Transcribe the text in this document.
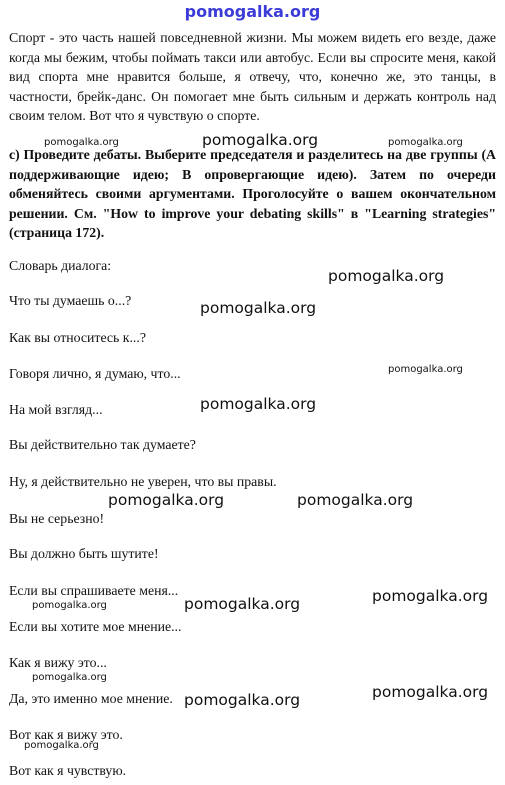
pomogalka.org
Спорт - это часть нашей повседневной жизни. Мы можем видеть его везде, даже когда мы бежим, чтобы поймать такси или автобус. Если вы спросите меня, какой вид спорта мне нравится больше, я отвечу, что, конечно же, это танцы, в частности, брейк-данс. Он помогает мне быть сильным и держать контроль над своим телом. Вот что я чувствую о спорте.
c) Проведите дебаты. Выберите председателя и разделитесь на две группы (А поддерживающие идею; В опровергающие идею). Затем по очереди обменяйтесь своими аргументами. Проголосуйте о вашем окончательном решении. См. "How to improve your debating skills" в "Learning strategies" (страница 172).
Словарь диалога:
Что ты думаешь о...?
Как вы относитесь к...?
Говоря лично, я думаю, что...
На мой взгляд...
Вы действительно так думаете?
Ну, я действительно не уверен, что вы правы.
Вы не серьезно!
Вы должно быть шутите!
Если вы спрашиваете меня...
Если вы хотите мое мнение...
Как я вижу это...
Да, это именно мое мнение.
Вот как я вижу это.
Вот как я чувствую.
pomogalka.org	pomogalka.org	pomogalka.org
pomogalka.org
pomogalka.org
pomogalka.org
pomogalka.org
pomogalka.org	pomogalka.org
pomogalka.org
pomogalka.org	pomogalka.org
pomogalka.org
pomogalka.org
pomogalka.org
pomogalka.org
